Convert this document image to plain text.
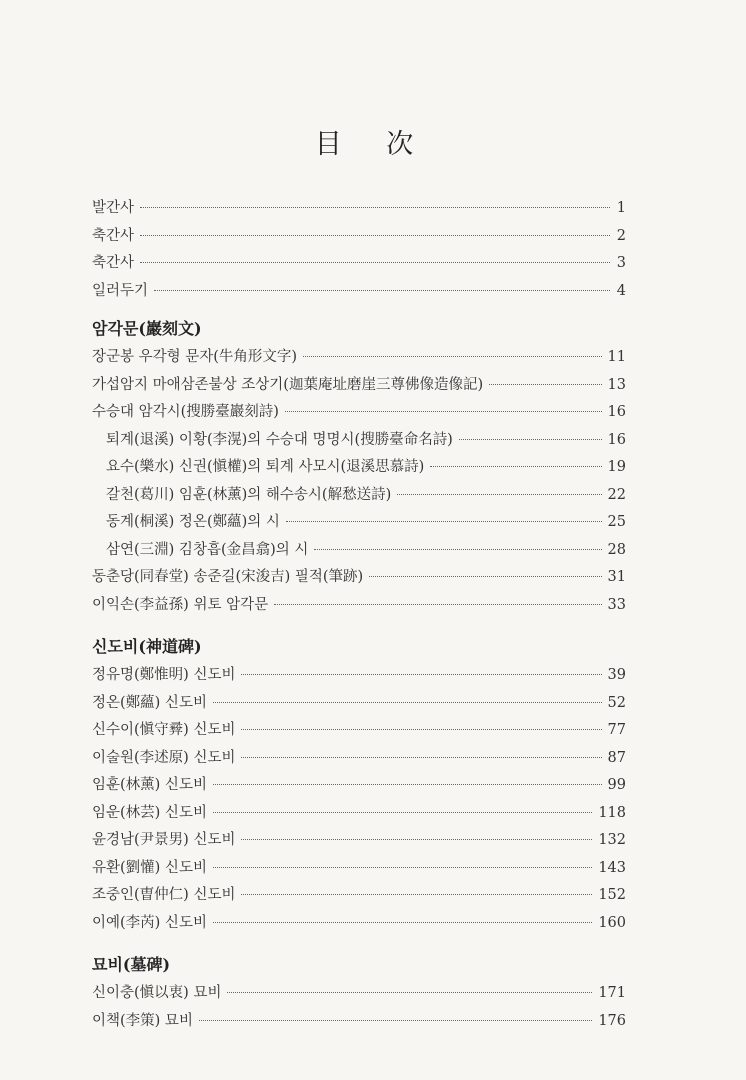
目 次
발간사	1
축간사	2
축간사	3
일러두기	4
암각문(巖刻文)
장군봉 우각형 문자(牛角形文字)	11
가섭암지 마애삼존불상 조상기(迦葉庵址磨崖三尊佛像造像記)	13
수승대 암각시(搜勝臺巖刻詩)	16
퇴계(退溪) 이황(李滉)의 수승대 명명시(搜勝臺命名詩)	16
요수(樂水) 신권(愼權)의 퇴계 사모시(退溪思慕詩)	19
갈천(葛川) 임훈(林薰)의 해수송시(解愁送詩)	22
동계(桐溪) 정온(鄭蘊)의 시	25
삼연(三淵) 김창흡(金昌翕)의 시	28
동춘당(同春堂) 송준길(宋浚吉) 필적(筆跡)	31
이익손(李益孫) 위토 암각문	33
신도비(神道碑)
정유명(鄭惟明) 신도비	39
정온(鄭蘊) 신도비	52
신수이(愼守彛) 신도비	77
이술원(李述原) 신도비	87
임훈(林薰) 신도비	99
임운(林芸) 신도비	118
윤경남(尹景男) 신도비	132
유환(劉懽) 신도비	143
조중인(曺仲仁) 신도비	152
이예(李芮) 신도비	160
묘비(墓碑)
신이충(愼以衷) 묘비	171
이책(李策) 묘비	176
